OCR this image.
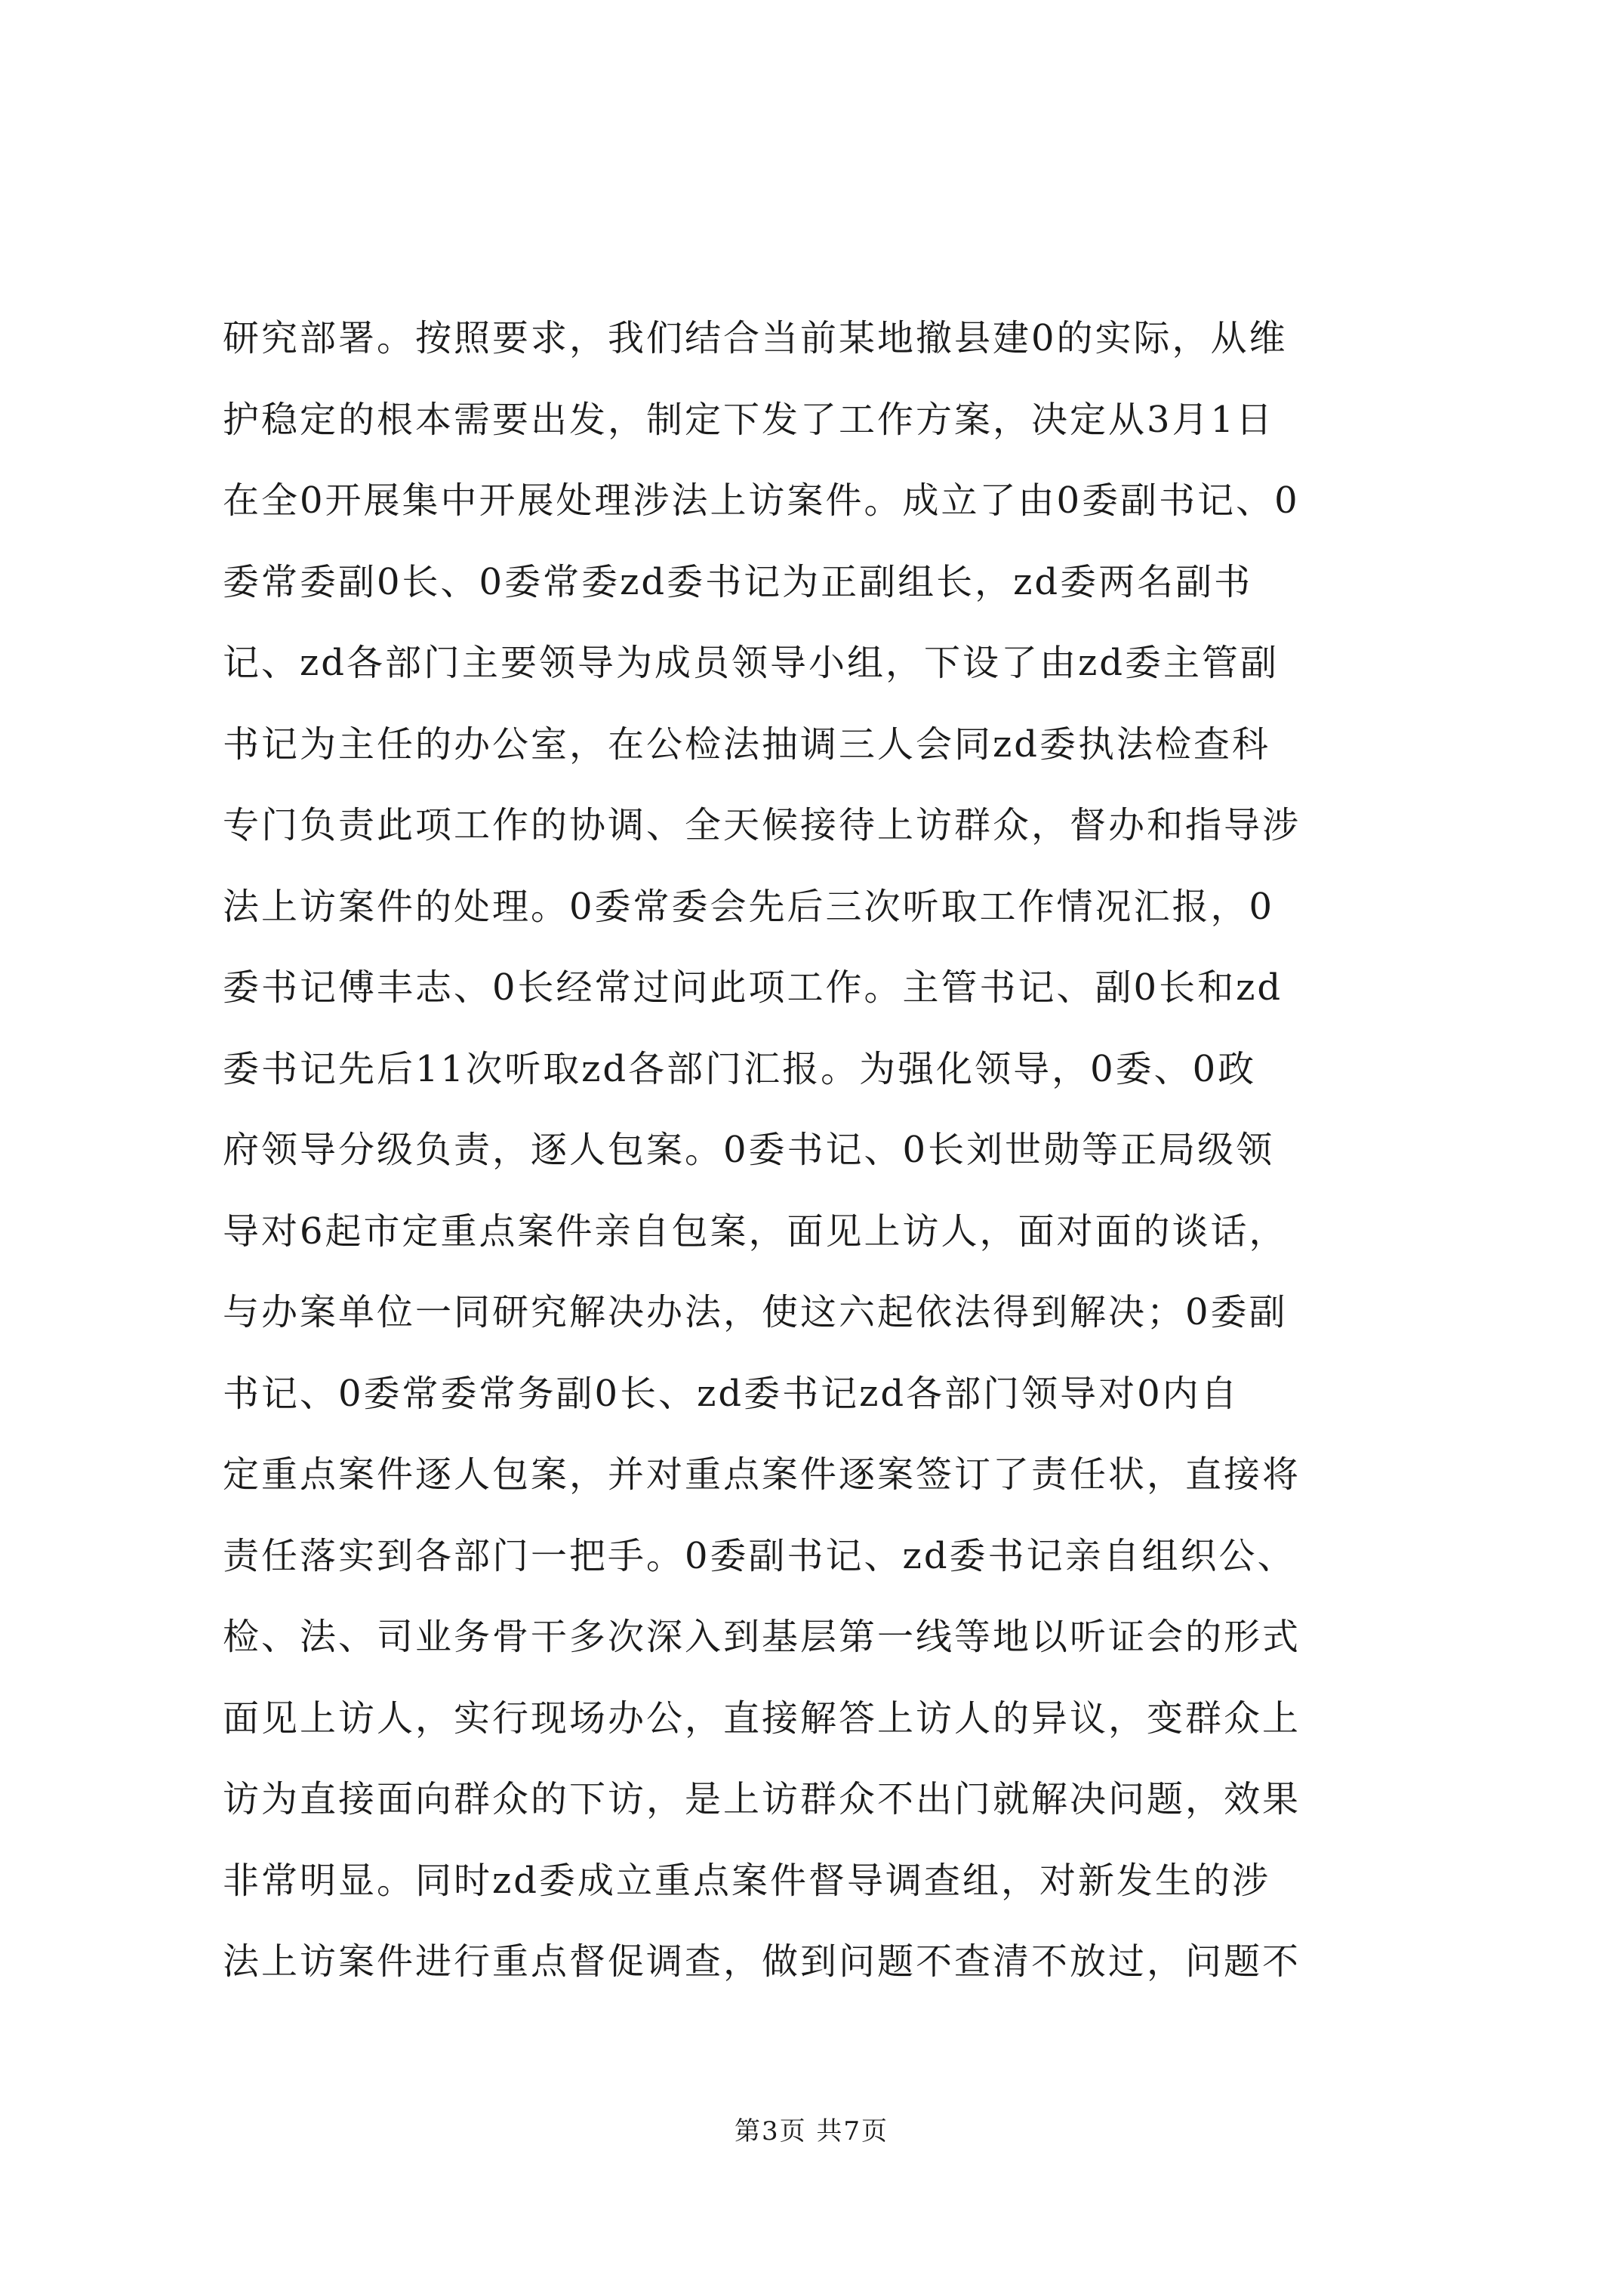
研究部署。按照要求，我们结合当前某地撤县建0的实际，从维
护稳定的根本需要出发，制定下发了工作方案，决定从3月1日
在全0开展集中开展处理涉法上访案件。成立了由0委副书记、0
委常委副0长、0委常委zd委书记为正副组长，zd委两名副书
记、zd各部门主要领导为成员领导小组，下设了由zd委主管副
书记为主任的办公室，在公检法抽调三人会同zd委执法检查科
专门负责此项工作的协调、全天候接待上访群众，督办和指导涉
法上访案件的处理。0委常委会先后三次听取工作情况汇报，0
委书记傅丰志、0长经常过问此项工作。主管书记、副0长和zd
委书记先后11次听取zd各部门汇报。为强化领导，0委、0政
府领导分级负责，逐人包案。0委书记、0长刘世勋等正局级领
导对6起市定重点案件亲自包案，面见上访人，面对面的谈话，
与办案单位一同研究解决办法，使这六起依法得到解决；0委副
书记、0委常委常务副0长、zd委书记zd各部门领导对0内自
定重点案件逐人包案，并对重点案件逐案签订了责任状，直接将
责任落实到各部门一把手。0委副书记、zd委书记亲自组织公、
检、法、司业务骨干多次深入到基层第一线等地以听证会的形式
面见上访人，实行现场办公，直接解答上访人的异议，变群众上
访为直接面向群众的下访，是上访群众不出门就解决问题，效果
非常明显。同时zd委成立重点案件督导调查组，对新发生的涉
法上访案件进行重点督促调查，做到问题不查清不放过，问题不
第3页 共7页
